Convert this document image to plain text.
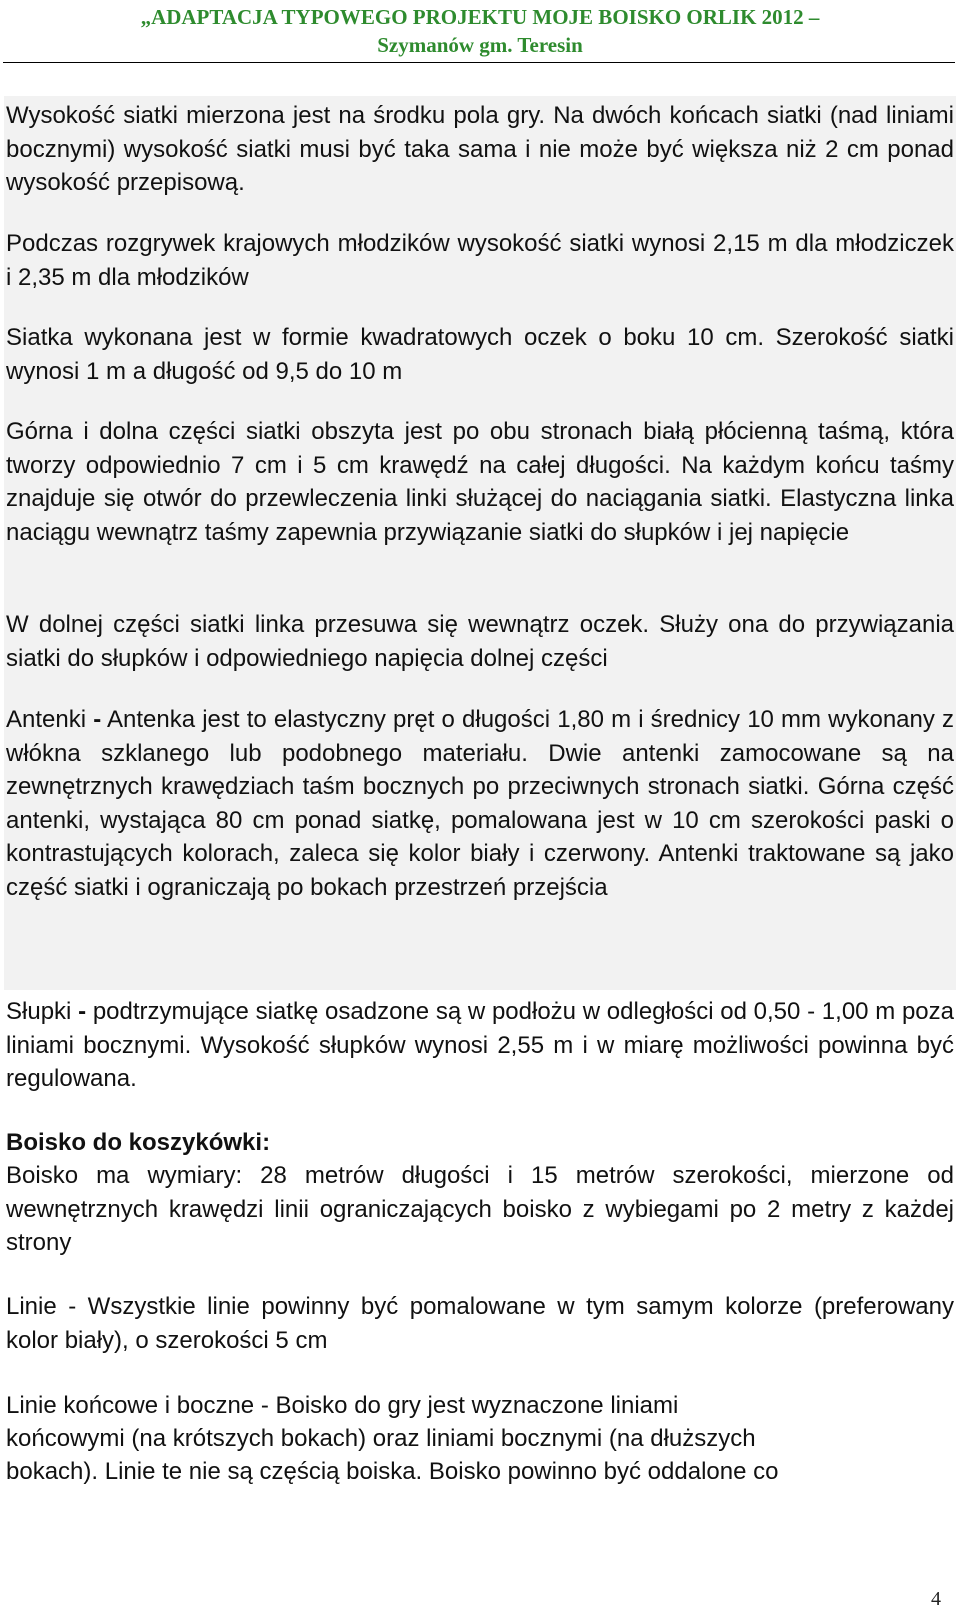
„ADAPTACJA TYPOWEGO PROJEKTU MOJE BOISKO ORLIK 2012 –
Szymanów gm. Teresin
Wysokość siatki mierzona jest na środku pola gry. Na dwóch końcach siatki (nad liniami bocznymi) wysokość siatki musi być taka sama i nie może być większa niż 2 cm ponad wysokość przepisową.
Podczas rozgrywek krajowych młodzików wysokość siatki wynosi 2,15 m dla młodziczek i 2,35 m dla młodzików
Siatka wykonana jest w formie kwadratowych oczek o boku 10 cm. Szerokość siatki wynosi 1 m a długość od 9,5 do 10 m
Górna i dolna części siatki obszyta jest po obu stronach białą płócienną taśmą, która tworzy odpowiednio 7 cm i 5 cm krawędź na całej długości. Na każdym końcu taśmy znajduje się otwór do przewleczenia linki służącej do naciągania siatki. Elastyczna linka naciągu wewnątrz taśmy zapewnia przywiązanie siatki do słupków i jej napięcie
W dolnej części siatki linka przesuwa się wewnątrz oczek. Służy ona do przywiązania siatki do słupków i odpowiedniego napięcia dolnej części
Antenki - Antenka jest to elastyczny pręt o długości 1,80 m i średnicy 10 mm wykonany z włókna szklanego lub podobnego materiału. Dwie antenki zamocowane są na zewnętrznych krawędziach taśm bocznych po przeciwnych stronach siatki. Górna część antenki, wystająca 80 cm ponad siatkę, pomalowana jest w 10 cm szerokości paski o kontrastujących kolorach, zaleca się kolor biały i czerwony. Antenki traktowane są jako część siatki i ograniczają po bokach przestrzeń przejścia
Słupki - podtrzymujące siatkę osadzone są w podłożu w odległości od 0,50 - 1,00 m poza liniami bocznymi. Wysokość słupków wynosi 2,55 m i w miarę możliwości powinna być regulowana.
Boisko do koszykówki:
Boisko ma wymiary: 28 metrów długości i 15 metrów szerokości, mierzone od wewnętrznych krawędzi linii ograniczających boisko z wybiegami po 2 metry z każdej strony
Linie - Wszystkie linie powinny być pomalowane w tym samym kolorze (preferowany kolor biały), o szerokości 5 cm
Linie końcowe i boczne - Boisko do gry jest wyznaczone liniami
końcowymi (na krótszych bokach) oraz liniami bocznymi (na dłuższych
bokach). Linie te nie są częścią boiska. Boisko powinno być oddalone co
4
